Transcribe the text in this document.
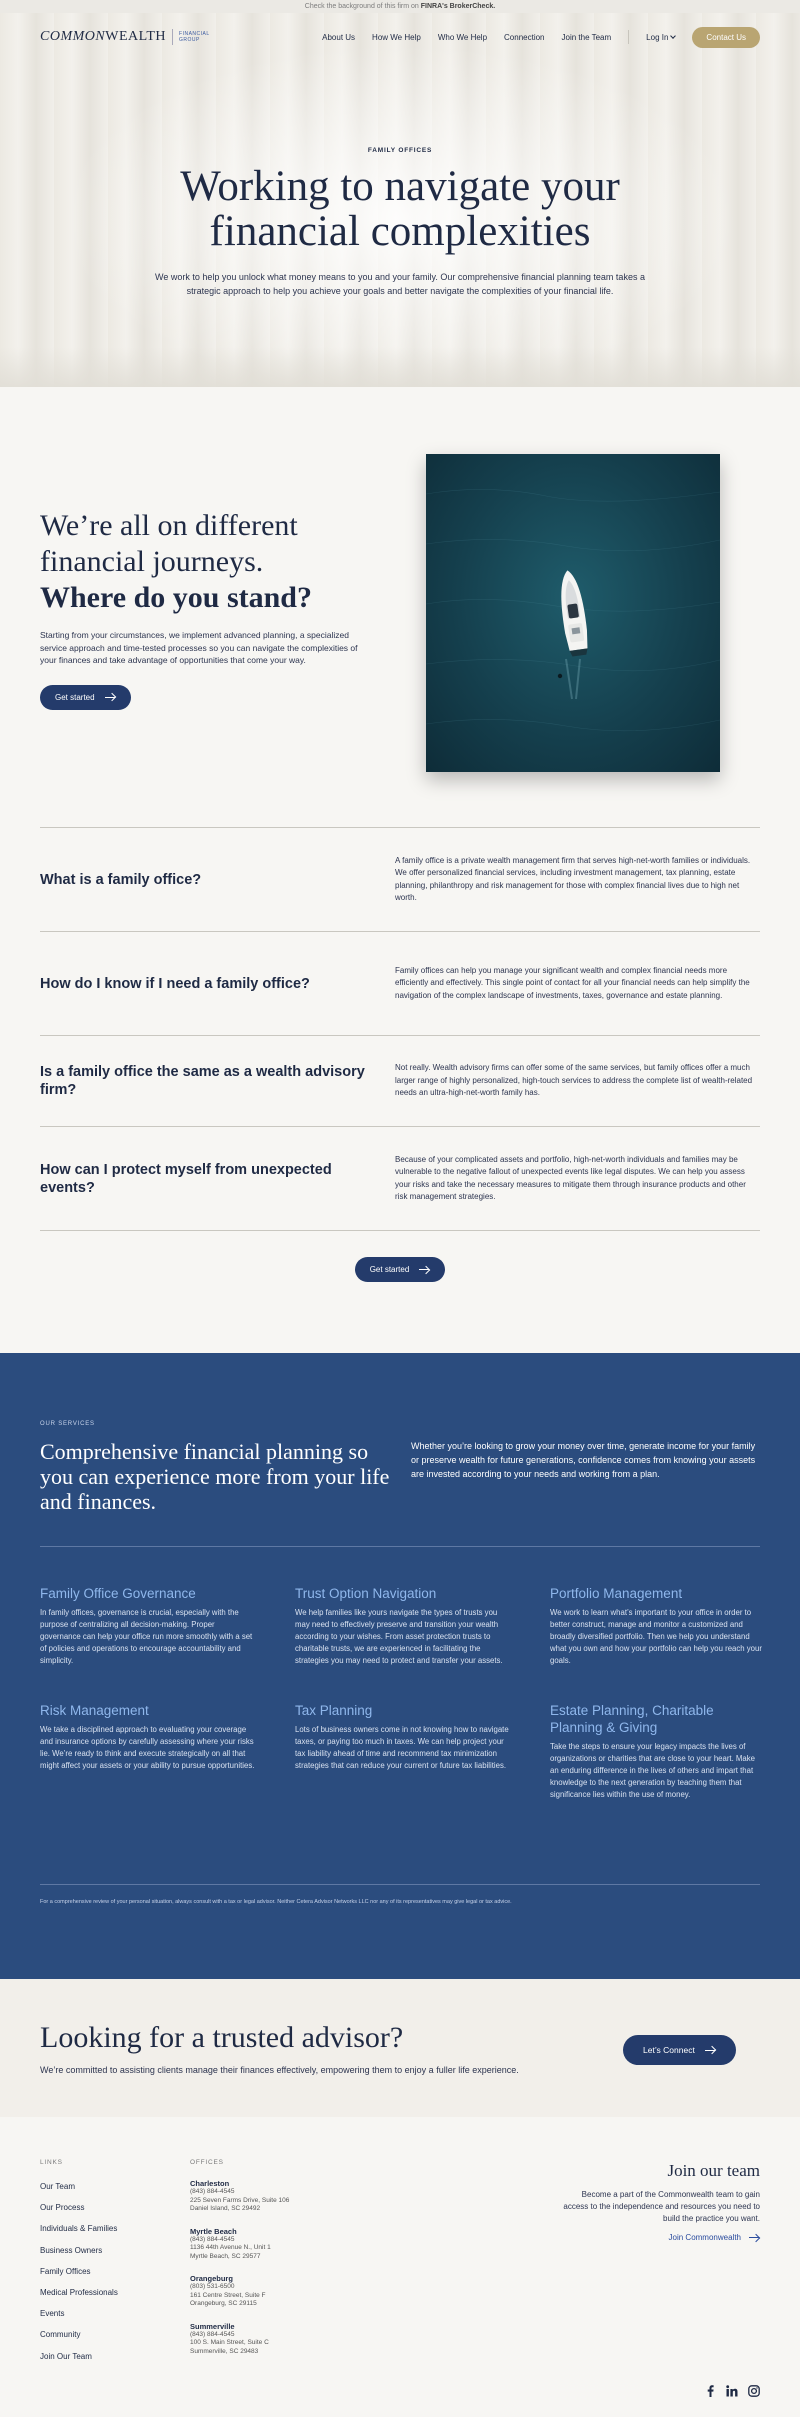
Check the background of this firm on FINRA's BrokerCheck.
COMMONWEALTH	FINANCIAL
GROUP	About Us How We Help Who We Help Connection Join the Team	Log In	Contact Us
FAMILY OFFICES
Working to navigate your financial complexities

We work to help you unlock what money means to you and your family. Our comprehensive financial planning team takes a strategic approach to help you achieve your goals and better navigate the complexities of your financial life.

We’re all on different financial journeys.
Where do you stand?

Starting from your circumstances, we implement advanced planning, a specialized service approach and time-tested processes so you can navigate the complexities of your finances and take advantage of opportunities that come your way.

Get started
What is a family office?
A family office is a private wealth management firm that serves high-net-worth families or individuals. We offer personalized financial services, including investment management, tax planning, estate planning, philanthropy and risk management for those with complex financial lives due to high net worth.
How do I know if I need a family office?
Family offices can help you manage your significant wealth and complex financial needs more efficiently and effectively. This single point of contact for all your financial needs can help simplify the navigation of the complex landscape of investments, taxes, governance and estate planning.
Is a family office the same as a wealth advisory firm?
Not really. Wealth advisory firms can offer some of the same services, but family offices offer a much larger range of highly personalized, high-touch services to address the complete list of wealth-related needs an ultra-high-net-worth family has.
How can I protect myself from unexpected events?
Because of your complicated assets and portfolio, high-net-worth individuals and families may be vulnerable to the negative fallout of unexpected events like legal disputes. We can help you assess your risks and take the necessary measures to mitigate them through insurance products and other risk management strategies.
Get started
OUR SERVICES
Comprehensive financial planning so you can experience more from your life and finances.

Whether you’re looking to grow your money over time, generate income for your family or preserve wealth for future generations, confidence comes from knowing your assets are invested according to your needs and working from a plan.

Family Office Governance
In family offices, governance is crucial, especially with the purpose of centralizing all decision-making. Proper governance can help your office run more smoothly with a set of policies and operations to encourage accountability and simplicity.
Trust Option Navigation
We help families like yours navigate the types of trusts you may need to effectively preserve and transition your wealth according to your wishes. From asset protection trusts to charitable trusts, we are experienced in facilitating the strategies you may need to protect and transfer your assets.
Portfolio Management
We work to learn what’s important to your office in order to better construct, manage and monitor a customized and broadly diversified portfolio. Then we help you understand what you own and how your portfolio can help you reach your goals.
Risk Management
We take a disciplined approach to evaluating your coverage and insurance options by carefully assessing where your risks lie. We’re ready to think and execute strategically on all that might affect your assets or your ability to pursue opportunities.
Tax Planning
Lots of business owners come in not knowing how to navigate taxes, or paying too much in taxes. We can help project your tax liability ahead of time and recommend tax minimization strategies that can reduce your current or future tax liabilities.
Estate Planning, Charitable Planning & Giving
Take the steps to ensure your legacy impacts the lives of organizations or charities that are close to your heart. Make an enduring difference in the lives of others and impart that knowledge to the next generation by teaching them that significance lies within the use of money.

For a comprehensive review of your personal situation, always consult with a tax or legal advisor. Neither Cetera Advisor Networks LLC nor any of its representatives may give legal or tax advice.

Looking for a trusted advisor?

We’re committed to assisting clients manage their finances effectively, empowering them to enjoy a fuller life experience.

Let’s Connect
LINKS
Our Team
Our Process
Individuals & Families
Business Owners
Family Offices
Medical Professionals
Events
Community
Join Our Team
OFFICES
Charleston
(843) 884-4545
225 Seven Farms Drive, Suite 106
Daniel Island, SC 29492
Myrtle Beach
(843) 884-4545
1136 44th Avenue N., Unit 1
Myrtle Beach, SC 29577
Orangeburg
(803) 531-6500
161 Centre Street, Suite F
Orangeburg, SC 29115
Summerville
(843) 884-4545
100 S. Main Street, Suite C
Summerville, SC 29483
Join our team

Become a part of the Commonwealth team to gain access to the independence and resources you need to build the practice you want.

Join Commonwealth
